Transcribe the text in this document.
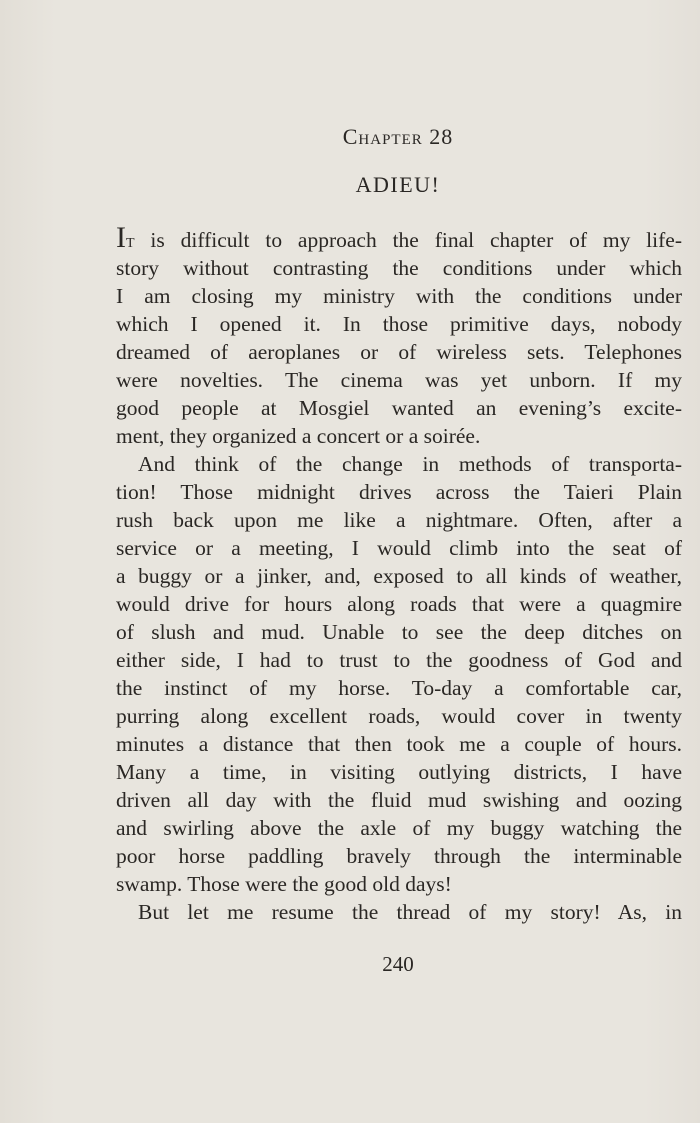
Chapter 28
ADIEU!
It is difficult to approach the final chapter of my life-
story without contrasting the conditions under which
I am closing my ministry with the conditions under
which I opened it. In those primitive days, nobody
dreamed of aeroplanes or of wireless sets. Telephones
were novelties. The cinema was yet unborn. If my
good people at Mosgiel wanted an evening’s excite-
ment, they organized a concert or a soirée.
And think of the change in methods of transporta-
tion! Those midnight drives across the Taieri Plain
rush back upon me like a nightmare. Often, after a
service or a meeting, I would climb into the seat of
a buggy or a jinker, and, exposed to all kinds of weather,
would drive for hours along roads that were a quagmire
of slush and mud. Unable to see the deep ditches on
either side, I had to trust to the goodness of God and
the instinct of my horse. To-day a comfortable car,
purring along excellent roads, would cover in twenty
minutes a distance that then took me a couple of hours.
Many a time, in visiting outlying districts, I have
driven all day with the fluid mud swishing and oozing
and swirling above the axle of my buggy watching the
poor horse paddling bravely through the interminable
swamp. Those were the good old days!
But let me resume the thread of my story! As, in
240
